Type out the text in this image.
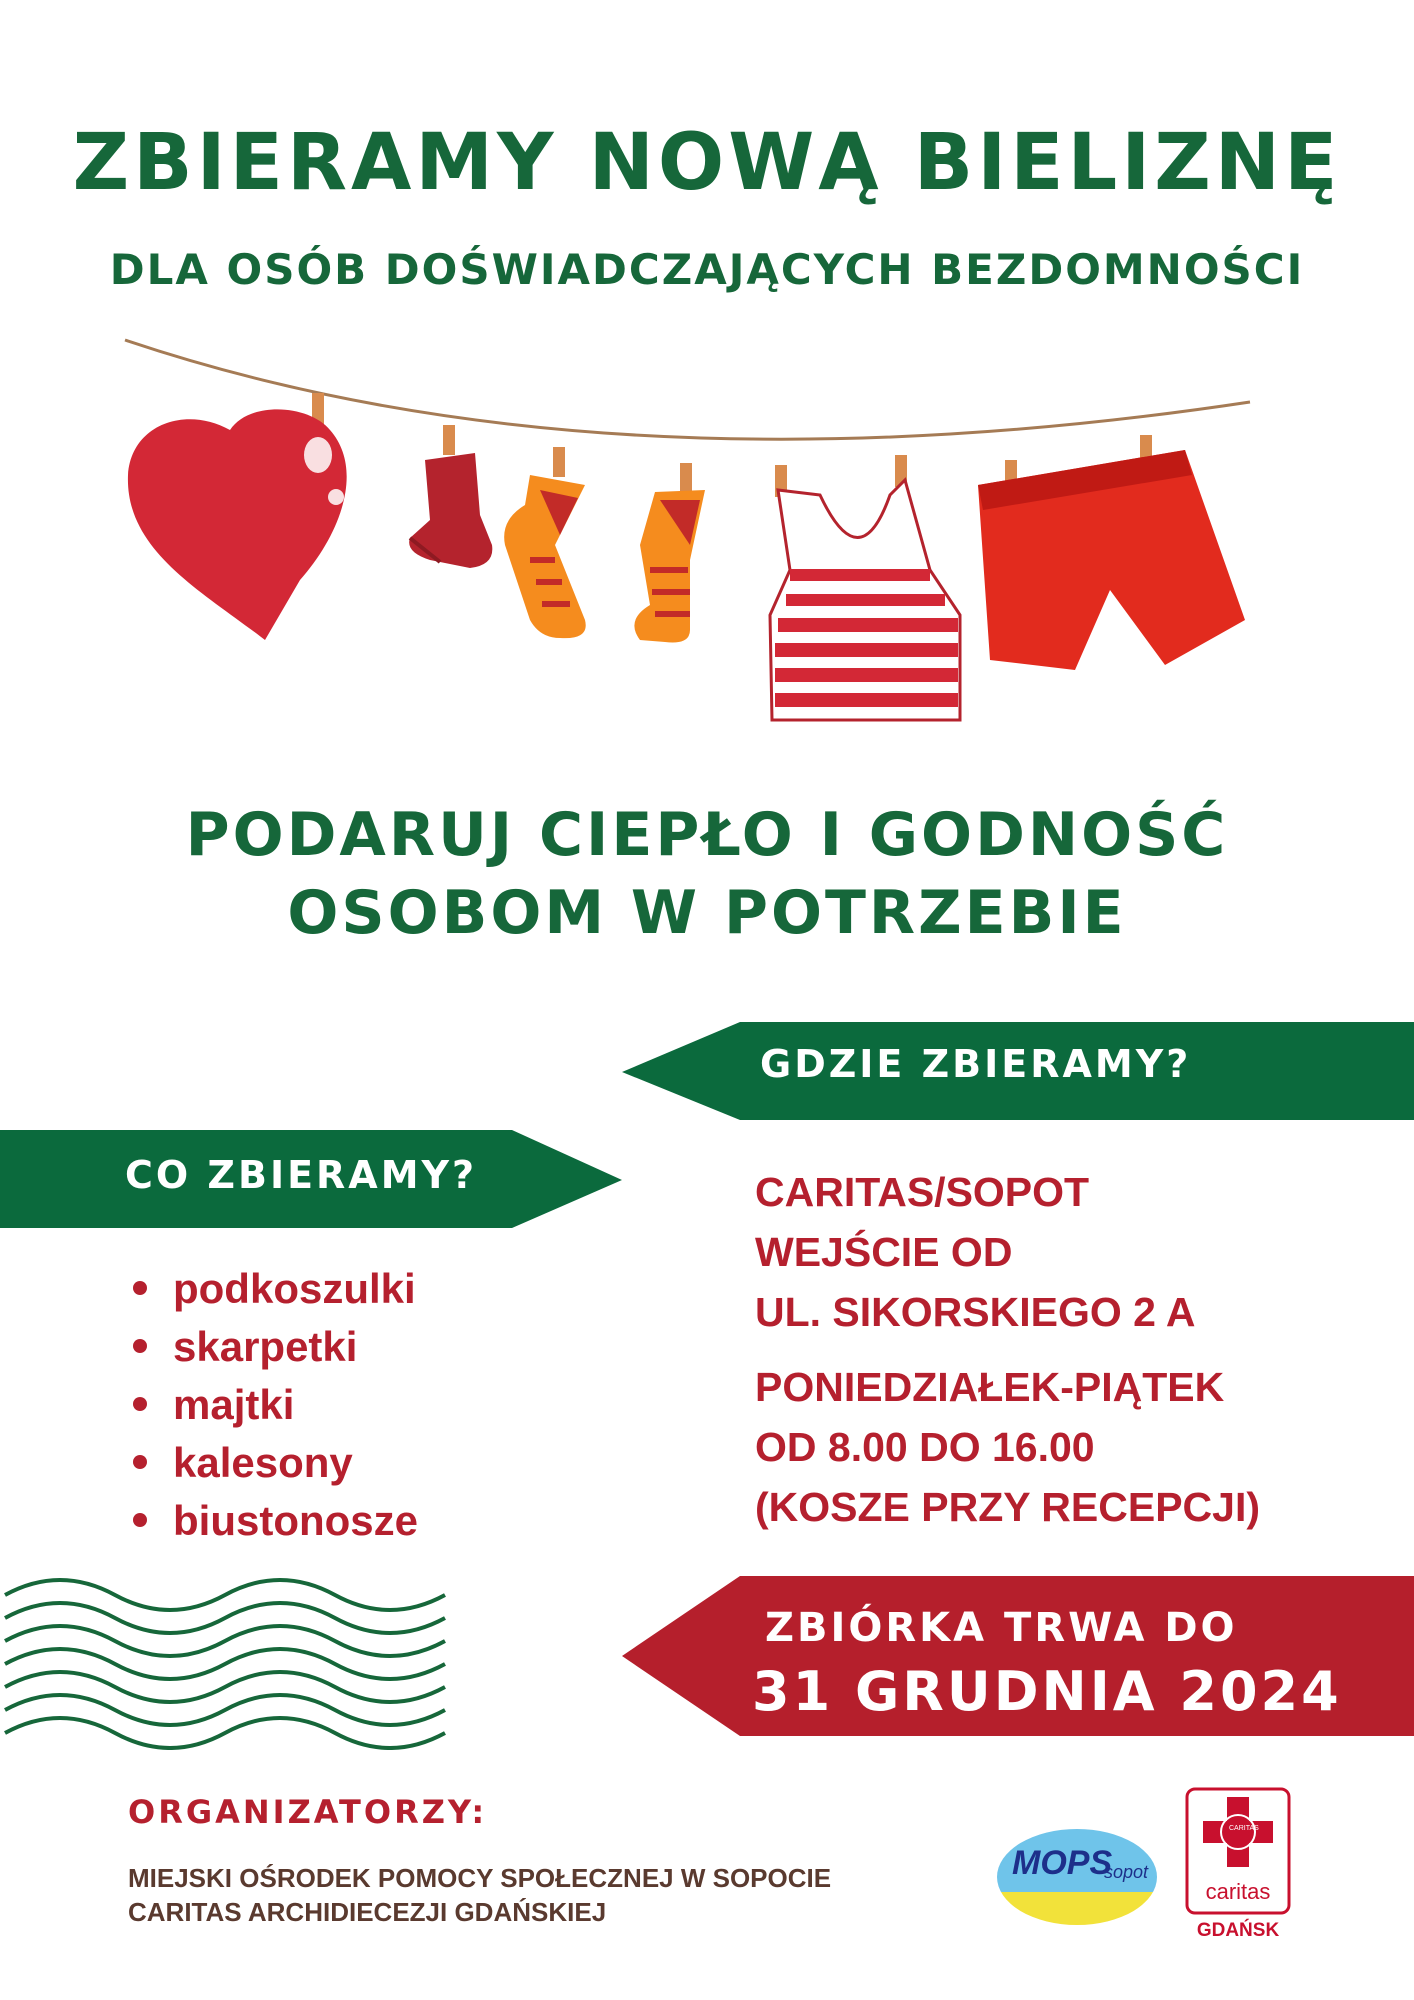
ZBIERAMY NOWĄ BIELIZNĘ
DLA OSÓB DOŚWIADCZAJĄCYCH BEZDOMNOŚCI
PODARUJ CIEPŁO I GODNOŚĆ
OSOBOM W POTRZEBIE
GDZIE ZBIERAMY?
CO ZBIERAMY?
podkoszulki
skarpetki
majtki
kalesony
biustonosze
CARITAS/SOPOT
WEJŚCIE OD
UL. SIKORSKIEGO 2 A
PONIEDZIAŁEK-PIĄTEK
OD 8.00 DO 16.00
(KOSZE PRZY RECEPCJI)
ZBIÓRKA TRWA DO
31 GRUDNIA 2024
ORGANIZATORZY:
MIEJSKI OŚRODEK POMOCY SPOŁECZNEJ W SOPOCIE
CARITAS ARCHIDIECEZJI GDAŃSKIEJ
MOPS
sopot
CARITAS
caritas
GDAŃSK
